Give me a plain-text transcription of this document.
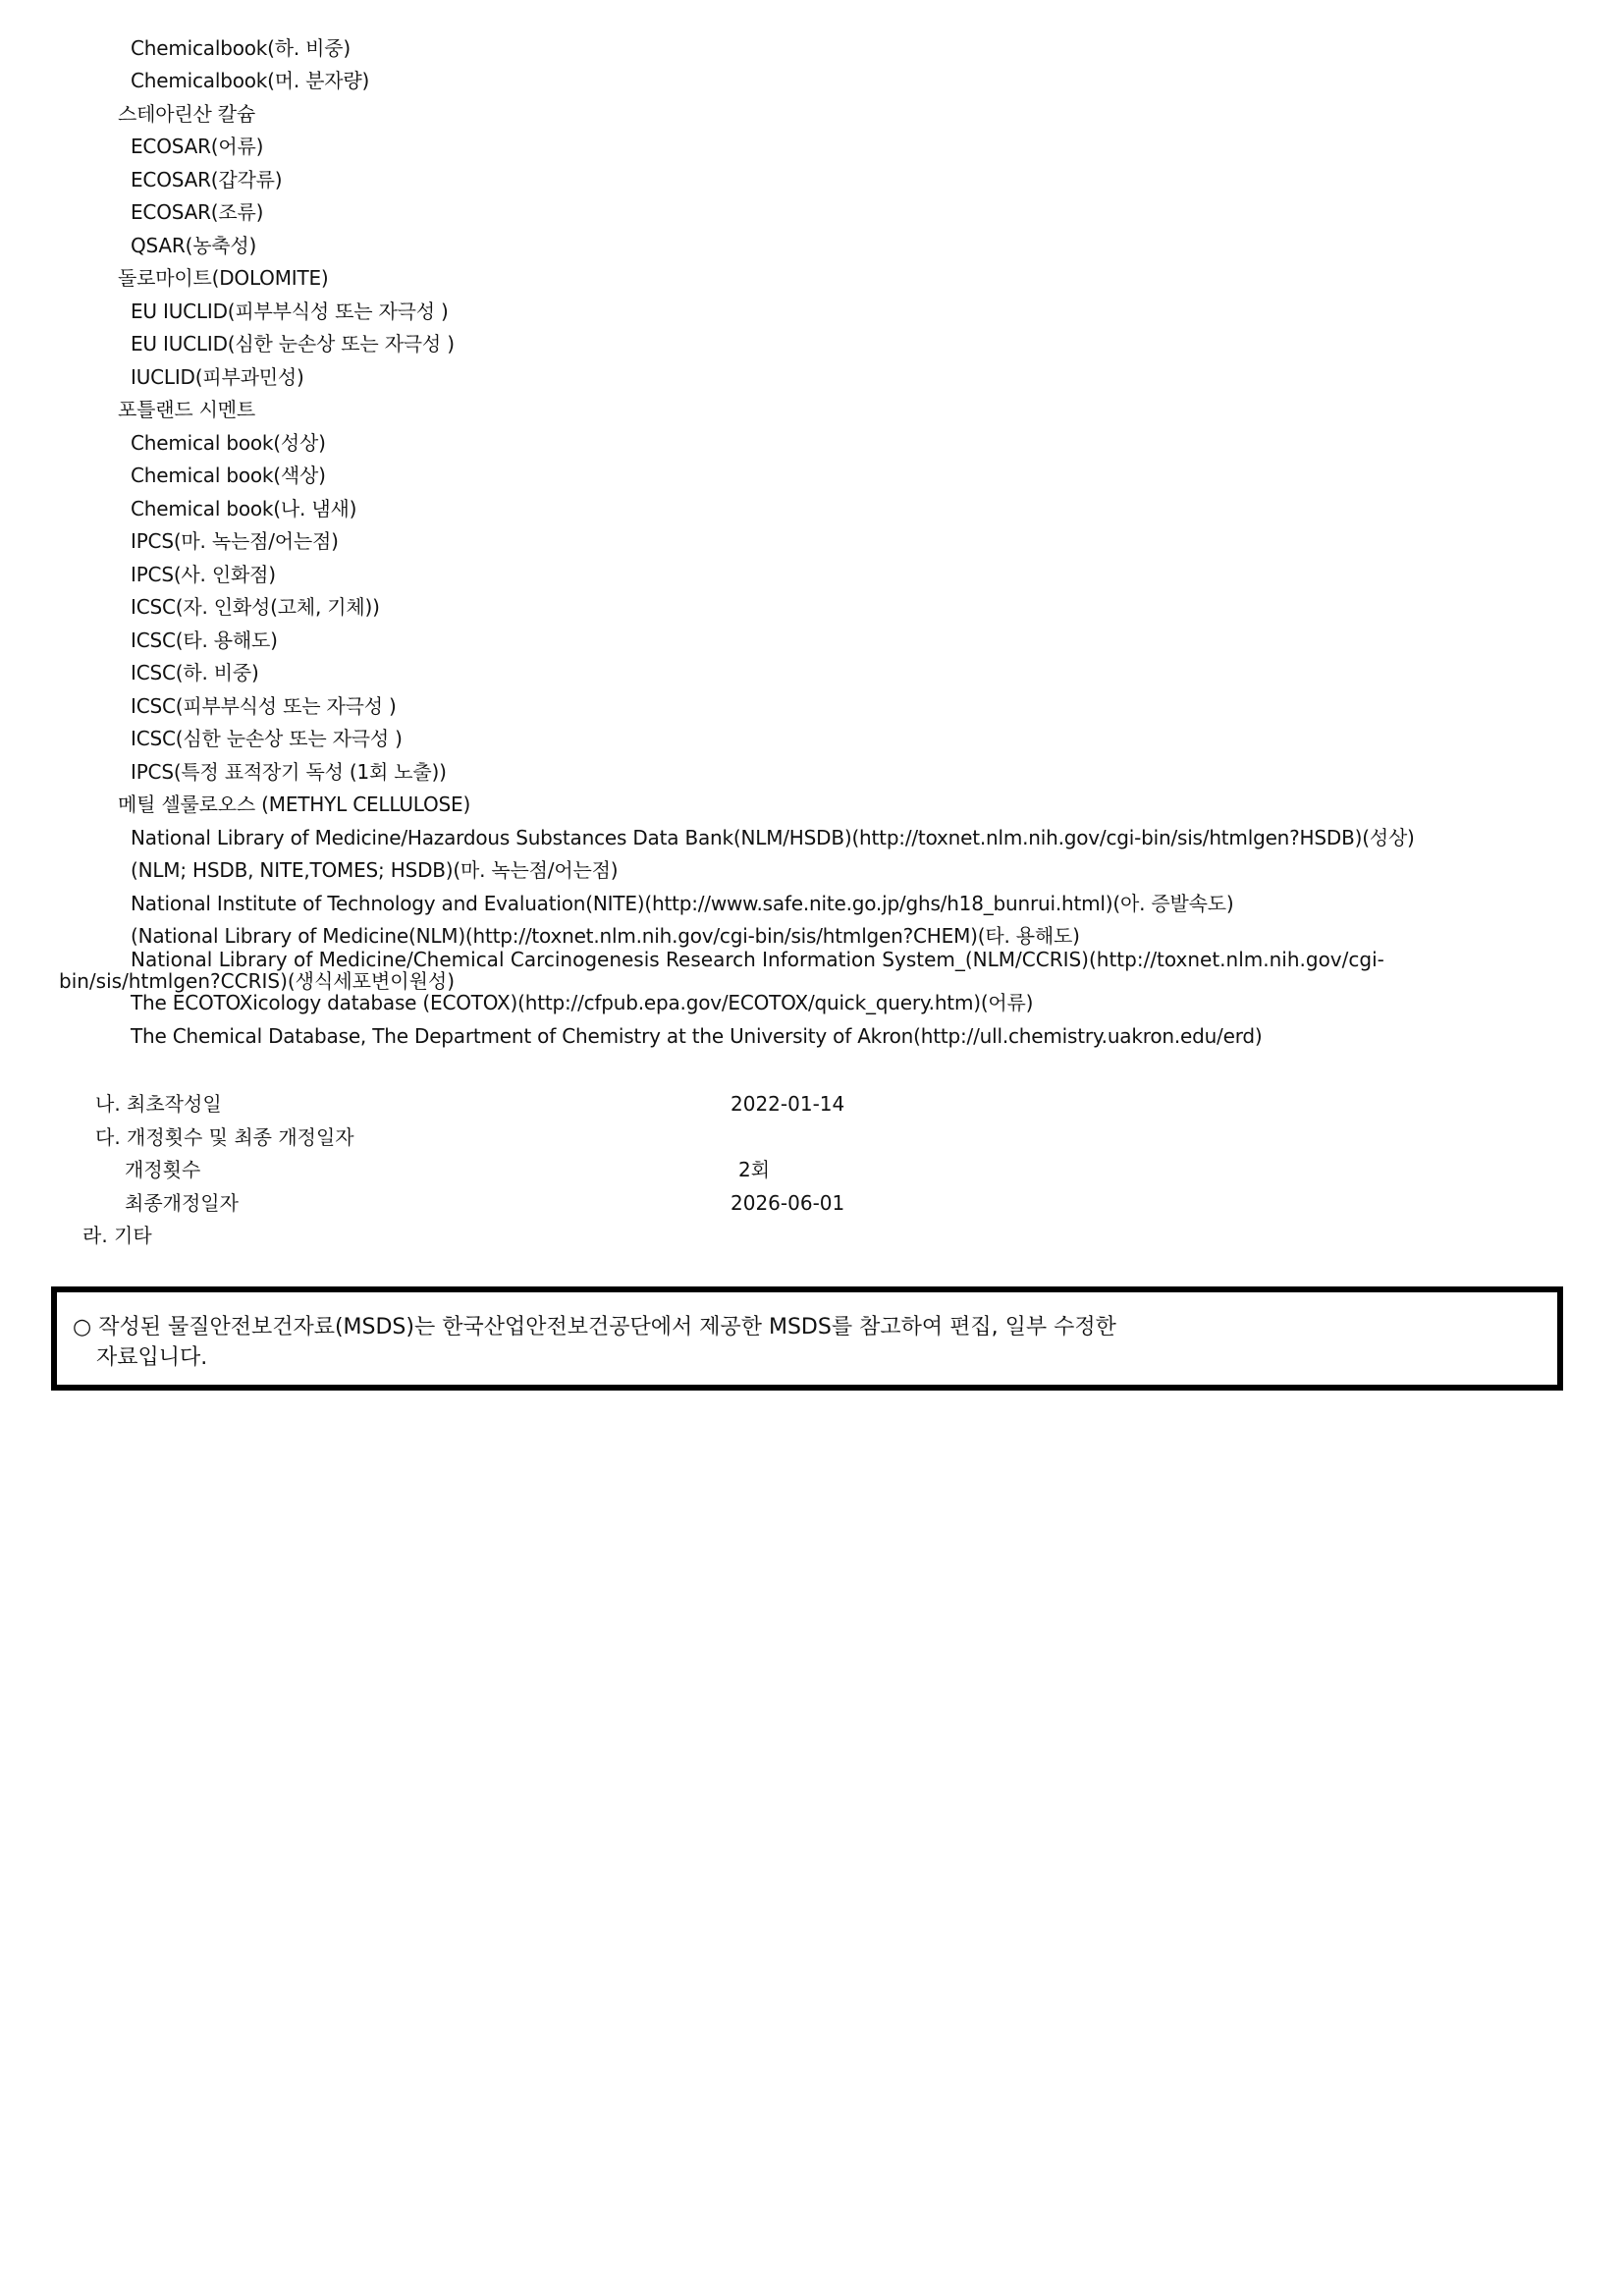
Chemicalbook(하. 비중)
Chemicalbook(머. 분자량)
스테아린산 칼슘
ECOSAR(어류)
ECOSAR(갑각류)
ECOSAR(조류)
QSAR(농축성)
돌로마이트(DOLOMITE)
EU IUCLID(피부부식성 또는 자극성 )
EU IUCLID(심한 눈손상 또는 자극성 )
IUCLID(피부과민성)
포틀랜드 시멘트
Chemical book(성상)
Chemical book(색상)
Chemical book(나. 냄새)
IPCS(마. 녹는점/어는점)
IPCS(사. 인화점)
ICSC(자. 인화성(고체, 기체))
ICSC(타. 용해도)
ICSC(하. 비중)
ICSC(피부부식성 또는 자극성 )
ICSC(심한 눈손상 또는 자극성 )
IPCS(특정 표적장기 독성 (1회 노출))
메틸 셀룰로오스 (METHYL CELLULOSE)
National Library of Medicine/Hazardous Substances Data Bank(NLM/HSDB)(http://toxnet.nlm.nih.gov/cgi-bin/sis/htmlgen?HSDB)(성상)
(NLM; HSDB, NITE,TOMES; HSDB)(마. 녹는점/어는점)
National Institute of Technology and Evaluation(NITE)(http://www.safe.nite.go.jp/ghs/h18_bunrui.html)(아. 증발속도)
(National Library of Medicine(NLM)(http://toxnet.nlm.nih.gov/cgi-bin/sis/htmlgen?CHEM)(타. 용해도)
National Library of Medicine/Chemical Carcinogenesis Research Information System_(NLM/CCRIS)(http://toxnet.nlm.nih.gov/cgi-
bin/sis/htmlgen?CCRIS)(생식세포변이원성)
The ECOTOXicology database (ECOTOX)(http://cfpub.epa.gov/ECOTOX/quick_query.htm)(어류)
The Chemical Database, The Department of Chemistry at the University of Akron(http://ull.chemistry.uakron.edu/erd)
나. 최초작성일	2022-01-14
다. 개정횟수 및 최종 개정일자
개정횟수	2회
최종개정일자	2026-06-01
라. 기타
○ 작성된 물질안전보건자료(MSDS)는 한국산업안전보건공단에서 제공한 MSDS를 참고하여 편집, 일부 수정한
자료입니다.
